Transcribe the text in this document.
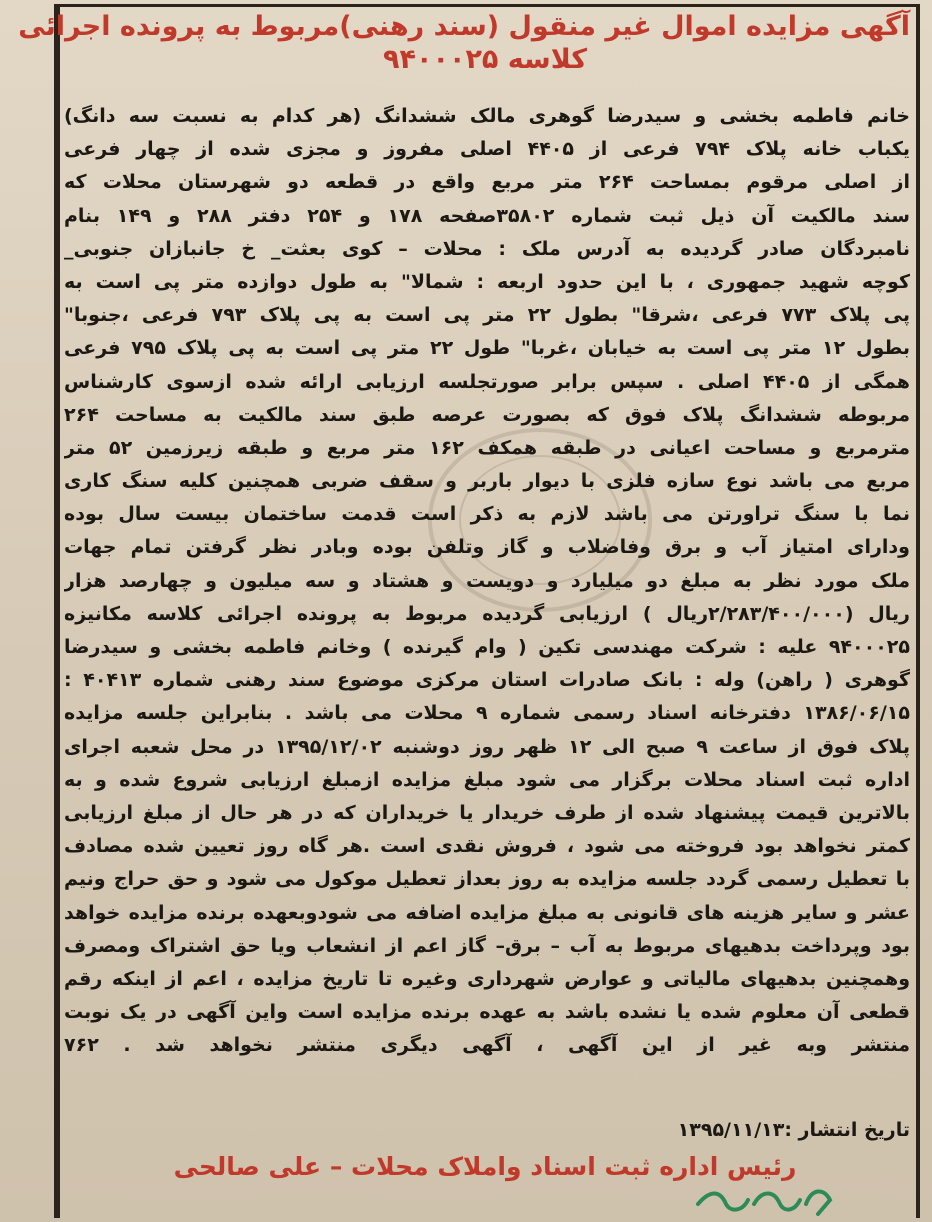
آگهی مزایده اموال غیر منقول (سند رهنی)مربوط به پرونده اجرائی
کلاسه ۹۴۰۰۰۲۵
خانم فاطمه بخشی و سیدرضا گوهری مالک ششدانگ (هر کدام به نسبت سه دانگ)
یکباب خانه پلاک ۷۹۴ فرعی از ۴۴۰۵ اصلی مفروز و مجزی شده از چهار فرعی
از اصلی مرقوم بمساحت ۲۶۴ متر مربع واقع در قطعه دو شهرستان محلات که
سند مالکیت آن ذیل ثبت شماره ۳۵۸۰۲صفحه ۱۷۸ و ۲۵۴ دفتر ۲۸۸ و ۱۴۹ بنام
نامبردگان صادر گردیده به آدرس ملک : محلات – کوی بعثت_ خ جانبازان جنوبی_
کوچه شهید جمهوری ، با این حدود اربعه : شمالا" به طول دوازده متر پی است به
پی پلاک ۷۷۳ فرعی ،شرقا" بطول ۲۲ متر پی است به پی پلاک ۷۹۳ فرعی ،جنوبا"
بطول ۱۲ متر پی است به خیابان ،غربا" طول ۲۲ متر پی است به پی پلاک ۷۹۵ فرعی
همگی از ۴۴۰۵ اصلی . سپس برابر صورتجلسه ارزیابی ارائه شده ازسوی کارشناس
مربوطه ششدانگ پلاک فوق که بصورت عرصه طبق سند مالکیت به مساحت ۲۶۴
مترمربع و مساحت اعیانی در طبقه همکف ۱۶۲ متر مربع و طبقه زیرزمین ۵۲ متر
مربع می باشد نوع سازه فلزی با دیوار باربر و سقف ضربی همچنین کلیه سنگ کاری
نما با سنگ تراورتن می باشد لازم به ذکر است قدمت ساختمان بیست سال بوده
ودارای امتیاز آب و برق وفاضلاب و گاز وتلفن بوده وبادر نظر گرفتن تمام جهات
ملک مورد نظر به مبلغ دو میلیارد و دویست و هشتاد و سه میلیون و چهارصد هزار
ریال (۲/۲۸۳/۴۰۰/۰۰۰ریال ) ارزیابی گردیده مربوط به پرونده اجرائی کلاسه مکانیزه
۹۴۰۰۰۲۵ علیه : شرکت مهندسی تکین ( وام گیرنده ) وخانم فاطمه بخشی و سیدرضا
گوهری ( راهن) وله : بانک صادرات استان مرکزی موضوع سند رهنی شماره ۴۰۴۱۳ :
۱۳۸۶/۰۶/۱۵ دفترخانه اسناد رسمی شماره ۹ محلات می باشد . بنابراین جلسه مزایده
پلاک فوق از ساعت ۹ صبح الی ۱۲ ظهر روز دوشنبه ۱۳۹۵/۱۲/۰۲ در محل شعبه اجرای
اداره ثبت اسناد محلات برگزار می شود مبلغ مزایده ازمبلغ ارزیابی شروع شده و به
بالاترین قیمت پیشنهاد شده از طرف خریدار یا خریداران که در هر حال از مبلغ ارزیابی
کمتر نخواهد بود فروخته می شود ، فروش نقدی است .هر گاه روز تعیین شده مصادف
با تعطیل رسمی گردد جلسه مزایده به روز بعداز تعطیل موکول می شود و حق حراج ونیم
عشر و سایر هزینه های قانونی به مبلغ مزایده اضافه می شودوبعهده برنده مزایده خواهد
بود وپرداخت بدهیهای مربوط به آب – برق– گاز اعم از انشعاب ویا حق اشتراک ومصرف
وهمچنین بدهیهای مالیاتی و عوارض شهرداری وغیره تا تاریخ مزایده ، اعم از اینکه رقم
قطعی آن معلوم شده یا نشده باشد به عهده برنده مزایده است واین آگهی در یک نوبت
منتشر وبه غیر از این آگهی ، آگهی دیگری منتشر نخواهد شد . ۷۶۲
تاریخ انتشار :۱۳۹۵/۱۱/۱۳
رئیس اداره ثبت اسناد واملاک محلات – علی صالحی
